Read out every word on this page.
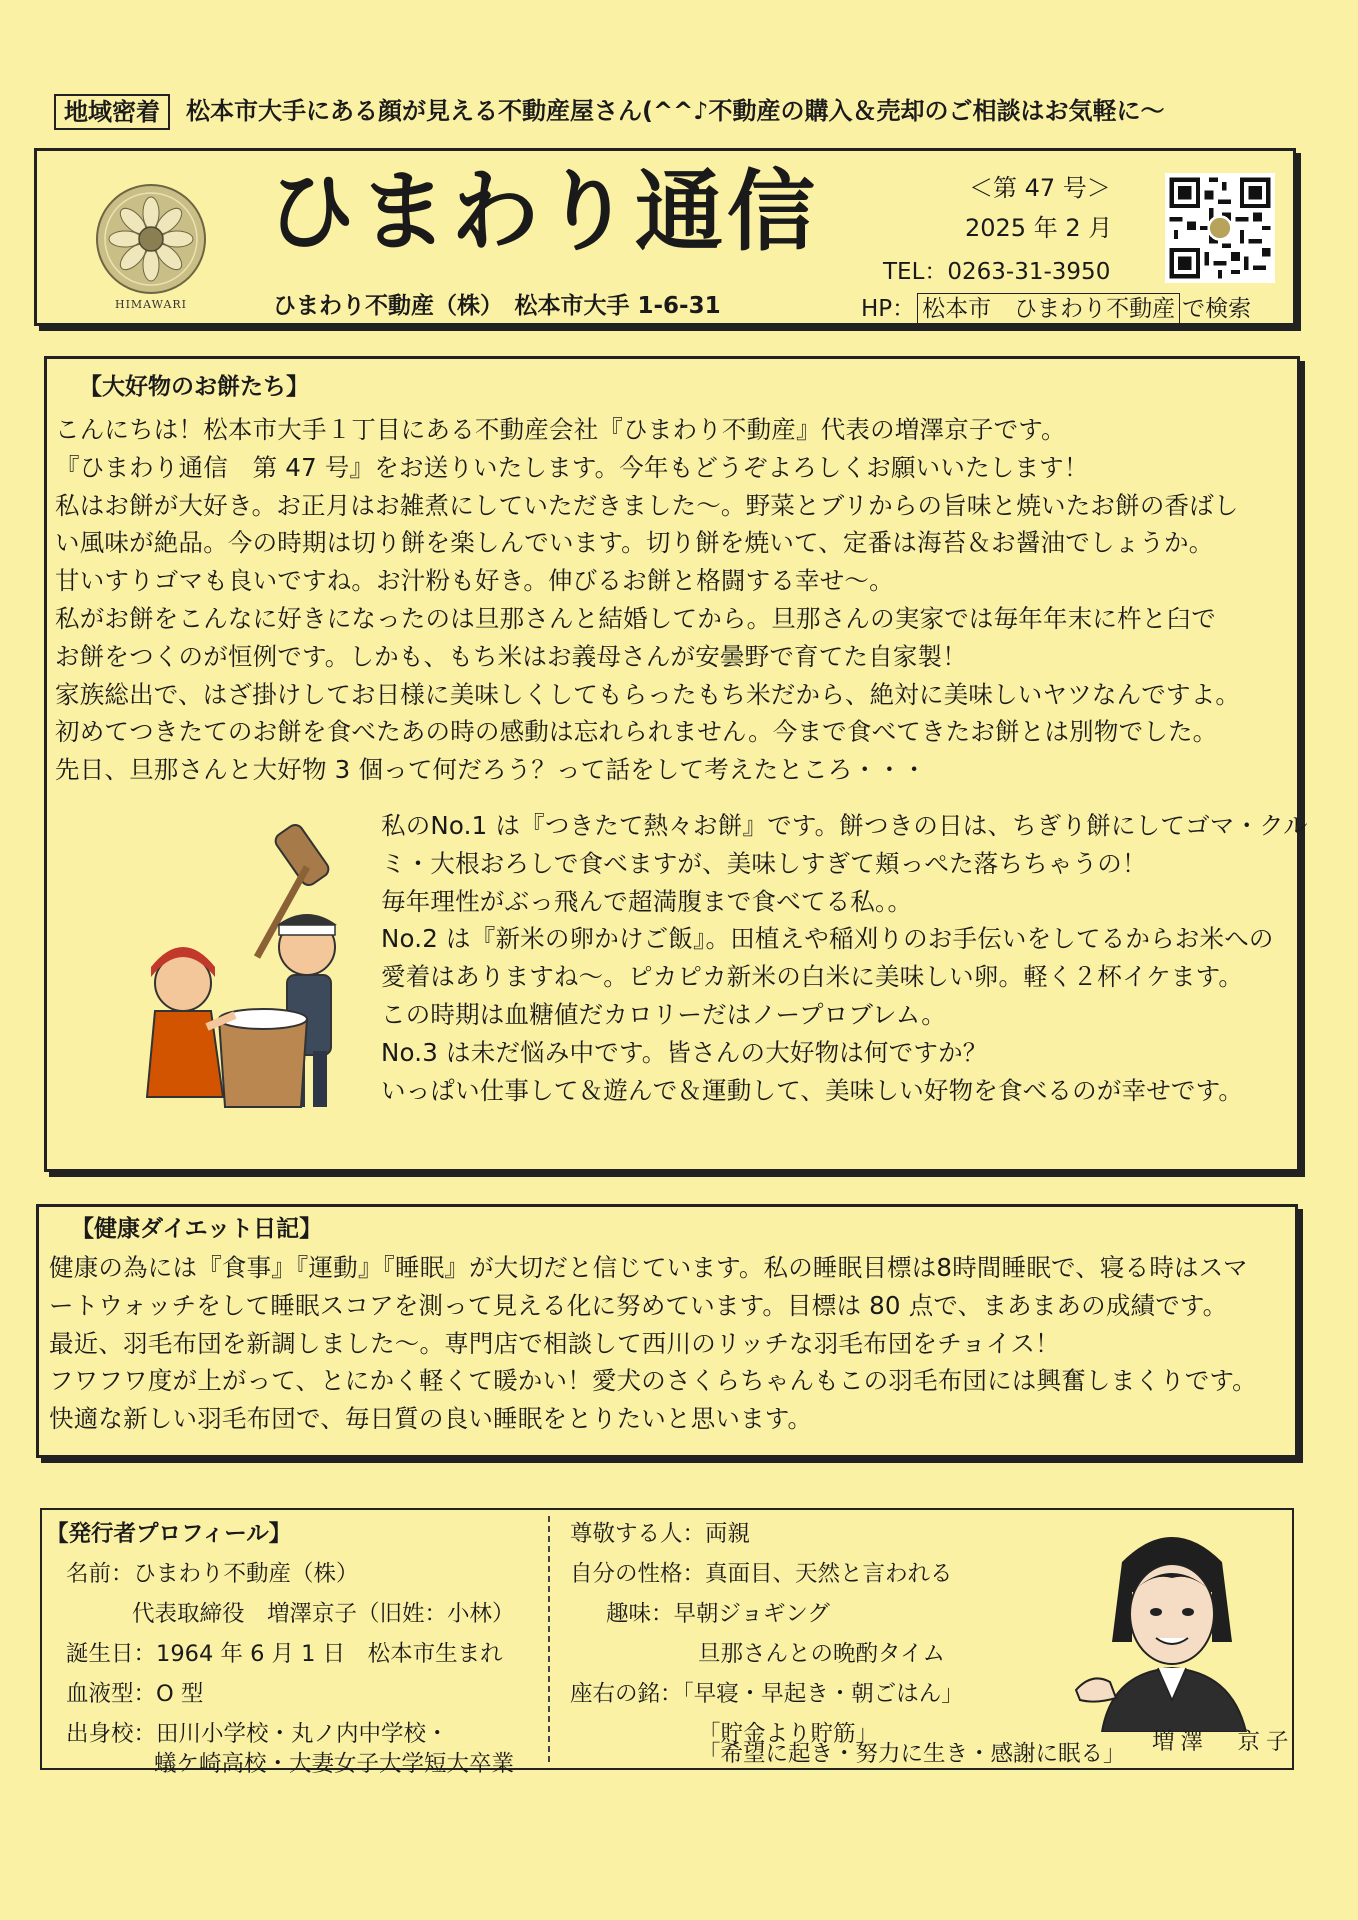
地域密着	松本市大手にある顔が見える不動産屋さん(^^♪不動産の購入＆売却のご相談はお気軽に～
HIMAWARI
ひまわり通信	＜第 47 号＞
2025 年 2 月
TEL：0263-31-3950
ひまわり不動産（株）　松本市大手 1-6-31	HP： 松本市　ひまわり不動産 で検索
【大好物のお餅たち】
こんにちは！松本市大手１丁目にある不動産会社『ひまわり不動産』代表の増澤京子です。
『ひまわり通信　第 47 号』をお送りいたします。今年もどうぞよろしくお願いいたします！
私はお餅が大好き。お正月はお雑煮にしていただきました～。野菜とブリからの旨味と焼いたお餅の香ばし
い風味が絶品。今の時期は切り餅を楽しんでいます。切り餅を焼いて、定番は海苔＆お醤油でしょうか。
甘いすりゴマも良いですね。お汁粉も好き。伸びるお餅と格闘する幸せ～。
私がお餅をこんなに好きになったのは旦那さんと結婚してから。旦那さんの実家では毎年年末に杵と臼で
お餅をつくのが恒例です。しかも、もち米はお義母さんが安曇野で育てた自家製！
家族総出で、はざ掛けしてお日様に美味しくしてもらったもち米だから、絶対に美味しいヤツなんですよ。
初めてつきたてのお餅を食べたあの時の感動は忘れられません。今まで食べてきたお餅とは別物でした。
先日、旦那さんと大好物 3 個って何だろう？って話をして考えたところ・・・
私のNo.1 は『つきたて熱々お餅』です。餅つきの日は、ちぎり餅にしてゴマ・クル
ミ・大根おろしで食べますが、美味しすぎて頬っぺた落ちちゃうの！
毎年理性がぶっ飛んで超満腹まで食べてる私。。
No.2 は『新米の卵かけご飯』。田植えや稲刈りのお手伝いをしてるからお米への
愛着はありますね～。ピカピカ新米の白米に美味しい卵。軽く２杯イケます。
この時期は血糖値だカロリーだはノープロブレム。
No.3 は未だ悩み中です。皆さんの大好物は何ですか？
いっぱい仕事して＆遊んで＆運動して、美味しい好物を食べるのが幸せです。
【健康ダイエット日記】
健康の為には『食事』『運動』『睡眠』が大切だと信じています。私の睡眠目標は8時間睡眠で、寝る時はスマ
ートウォッチをして睡眠スコアを測って見える化に努めています。目標は 80 点で、まあまあの成績です。
最近、羽毛布団を新調しました～。専門店で相談して西川のリッチな羽毛布団をチョイス！
フワフワ度が上がって、とにかく軽くて暖かい！愛犬のさくらちゃんもこの羽毛布団には興奮しまくりです。
快適な新しい羽毛布団で、毎日質の良い睡眠をとりたいと思います。
【発行者プロフィール】
名前：ひまわり不動産（株）
代表取締役　増澤京子（旧姓：小林）
誕生日：1964 年 6 月 1 日　松本市生まれ
血液型：O 型
出身校：田川小学校・丸ノ内中学校・
蟻ケ崎高校・大妻女子大学短大卒業
尊敬する人：両親
自分の性格：真面目、天然と言われる
趣味：早朝ジョギング
旦那さんとの晩酌タイム
座右の銘：「早寝・早起き・朝ごはん」
「貯金より貯筋」
「希望に起き・努力に生き・感謝に眠る」 増澤　京子
